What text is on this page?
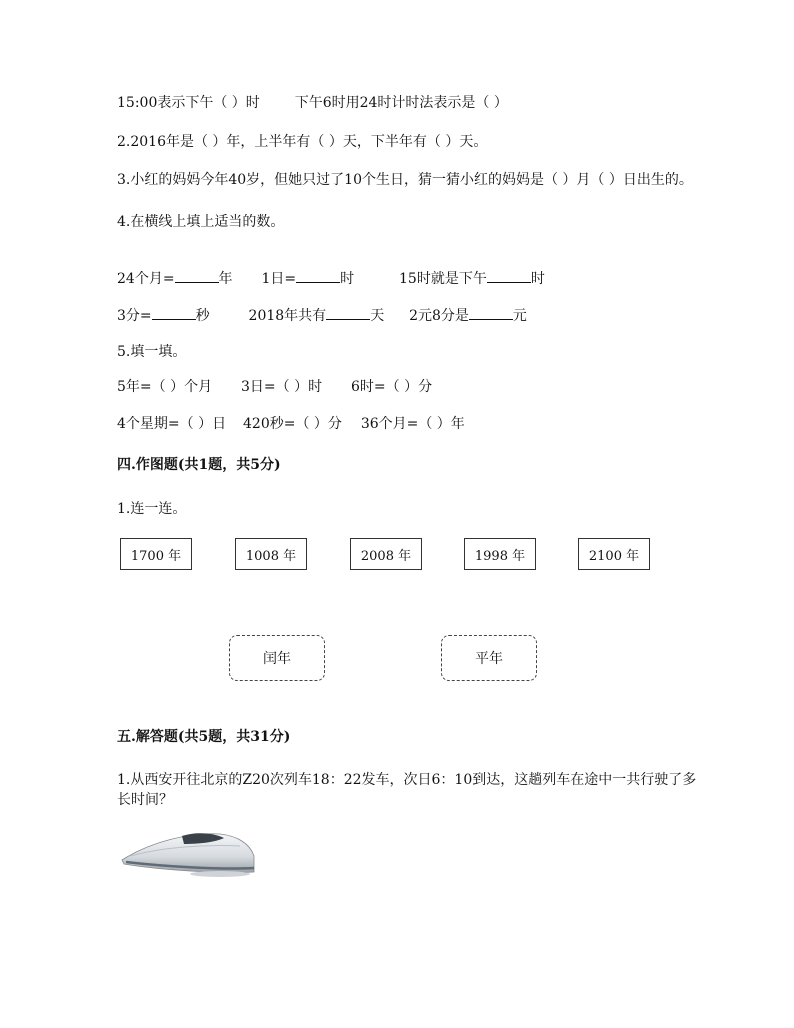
15:00表示下午（ ）时 下午6时用24时计时法表示是（ ）
2.2016年是（ ）年，上半年有（ ）天，下半年有（ ）天。
3.小红的妈妈今年40岁，但她只过了10个生日，猜一猜小红的妈妈是（ ）月（ ）日出生的。
4.在横线上填上适当的数。
24个月=	年 1日=	时	15时就是下午	时
3分=	秒	2018年共有	天 2元8分是	元
5.填一填。
5年=（ ）个月 3日=（ ）时 6时=（ ）分
4个星期=（ ）日 420秒=（ ）分 36个月=（ ）年
四.作图题(共1题，共5分)
1.连一连。
1700 年	1008 年	2008 年	1998 年	2100 年
闰年	平年
五.解答题(共5题，共31分)
1.从西安开往北京的Z20次列车18：22发车，次日6：10到达，这趟列车在途中一共行驶了多长时间？
